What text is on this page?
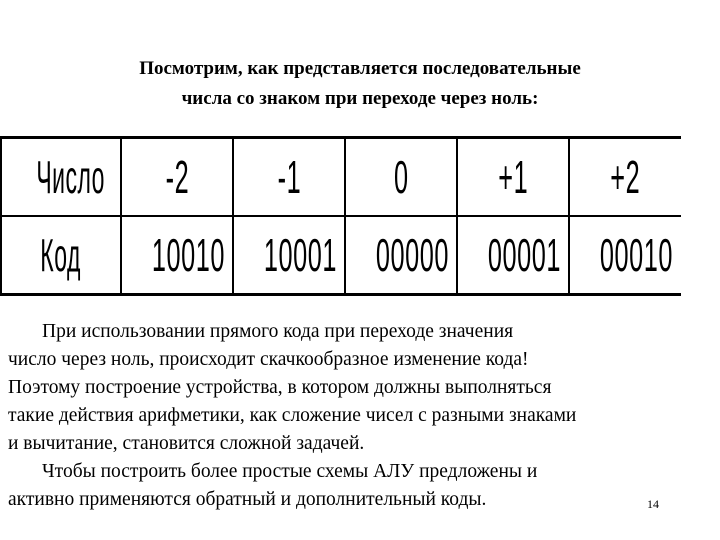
Посмотрим, как представляется последовательные
числа со знаком при переходе через ноль:
Число	-2	-1	0	+1	+2
Код	10010	10001	00000	00001	00010
При использовании прямого кода при переходе значения
число через ноль, происходит скачкообразное изменение кода!
Поэтому построение устройства, в котором должны выполняться
такие действия арифметики, как сложение чисел с разными знаками
и вычитание, становится сложной задачей.
Чтобы построить более простые схемы АЛУ предложены и
активно применяются обратный и дополнительный коды.	14
